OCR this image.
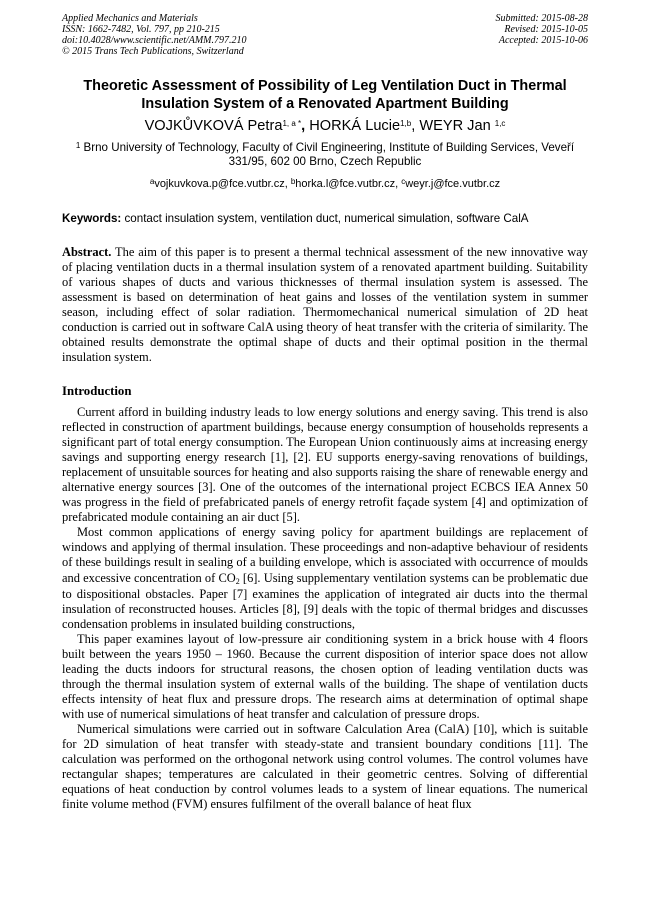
Applied Mechanics and Materials
ISSN: 1662-7482, Vol. 797, pp 210-215
doi:10.4028/www.scientific.net/AMM.797.210
© 2015 Trans Tech Publications, Switzerland
Submitted: 2015-08-28
Revised: 2015-10-05
Accepted: 2015-10-06
Theoretic Assessment of Possibility of Leg Ventilation Duct in Thermal
Insulation System of a Renovated Apartment Building
VOJKŮVKOVÁ Petra$^{1, a *}$, HORKÁ Lucie$^{1,b}$, WEYR Jan $^{1,c}$
$^1$ Brno University of Technology, Faculty of Civil Engineering, Institute of Building Services, Veveří 331/95, 602 00 Brno, Czech Republic
$^a$vojkuvkova.p@fce.vutbr.cz, $^b$horka.l@fce.vutbr.cz, $^c$weyr.j@fce.vutbr.cz
Keywords: contact insulation system, ventilation duct, numerical simulation, software CalA
Abstract. The aim of this paper is to present a thermal technical assessment of the new innovative way of placing ventilation ducts in a thermal insulation system of a renovated apartment building. Suitability of various shapes of ducts and various thicknesses of thermal insulation system is assessed. The assessment is based on determination of heat gains and losses of the ventilation system in summer season, including effect of solar radiation. Thermomechanical numerical simulation of 2D heat conduction is carried out in software CalA using theory of heat transfer with the criteria of similarity. The obtained results demonstrate the optimal shape of ducts and their optimal position in the thermal insulation system.
Introduction

Current afford in building industry leads to low energy solutions and energy saving. This trend is also reflected in construction of apartment buildings, because energy consumption of households represents a significant part of total energy consumption. The European Union continuously aims at increasing energy savings and supporting energy research [1], [2]. EU supports energy-saving renovations of buildings, replacement of unsuitable sources for heating and also supports raising the share of renewable energy and alternative energy sources [3]. One of the outcomes of the international project ECBCS IEA Annex 50 was progress in the field of prefabricated panels of energy retrofit façade system [4] and optimization of prefabricated module containing an air duct [5].

Most common applications of energy saving policy for apartment buildings are replacement of windows and applying of thermal insulation. These proceedings and non-adaptive behaviour of residents of these buildings result in sealing of a building envelope, which is associated with occurrence of moulds and excessive concentration of CO2 [6]. Using supplementary ventilation systems can be problematic due to dispositional obstacles. Paper [7] examines the application of integrated air ducts into the thermal insulation of reconstructed houses. Articles [8], [9] deals with the topic of thermal bridges and discusses condensation problems in insulated building constructions,

This paper examines layout of low-pressure air conditioning system in a brick house with 4 floors built between the years 1950 – 1960. Because the current disposition of interior space does not allow leading the ducts indoors for structural reasons, the chosen option of leading ventilation ducts was through the thermal insulation system of external walls of the building. The shape of ventilation ducts effects intensity of heat flux and pressure drops. The research aims at determination of optimal shape with use of numerical simulations of heat transfer and calculation of pressure drops.

Numerical simulations were carried out in software Calculation Area (CalA) [10], which is suitable for 2D simulation of heat transfer with steady-state and transient boundary conditions [11]. The calculation was performed on the orthogonal network using control volumes. The control volumes have rectangular shapes; temperatures are calculated in their geometric centres. Solving of differential equations of heat conduction by control volumes leads to a system of linear equations. The numerical finite volume method (FVM) ensures fulfilment of the overall balance of heat flux
